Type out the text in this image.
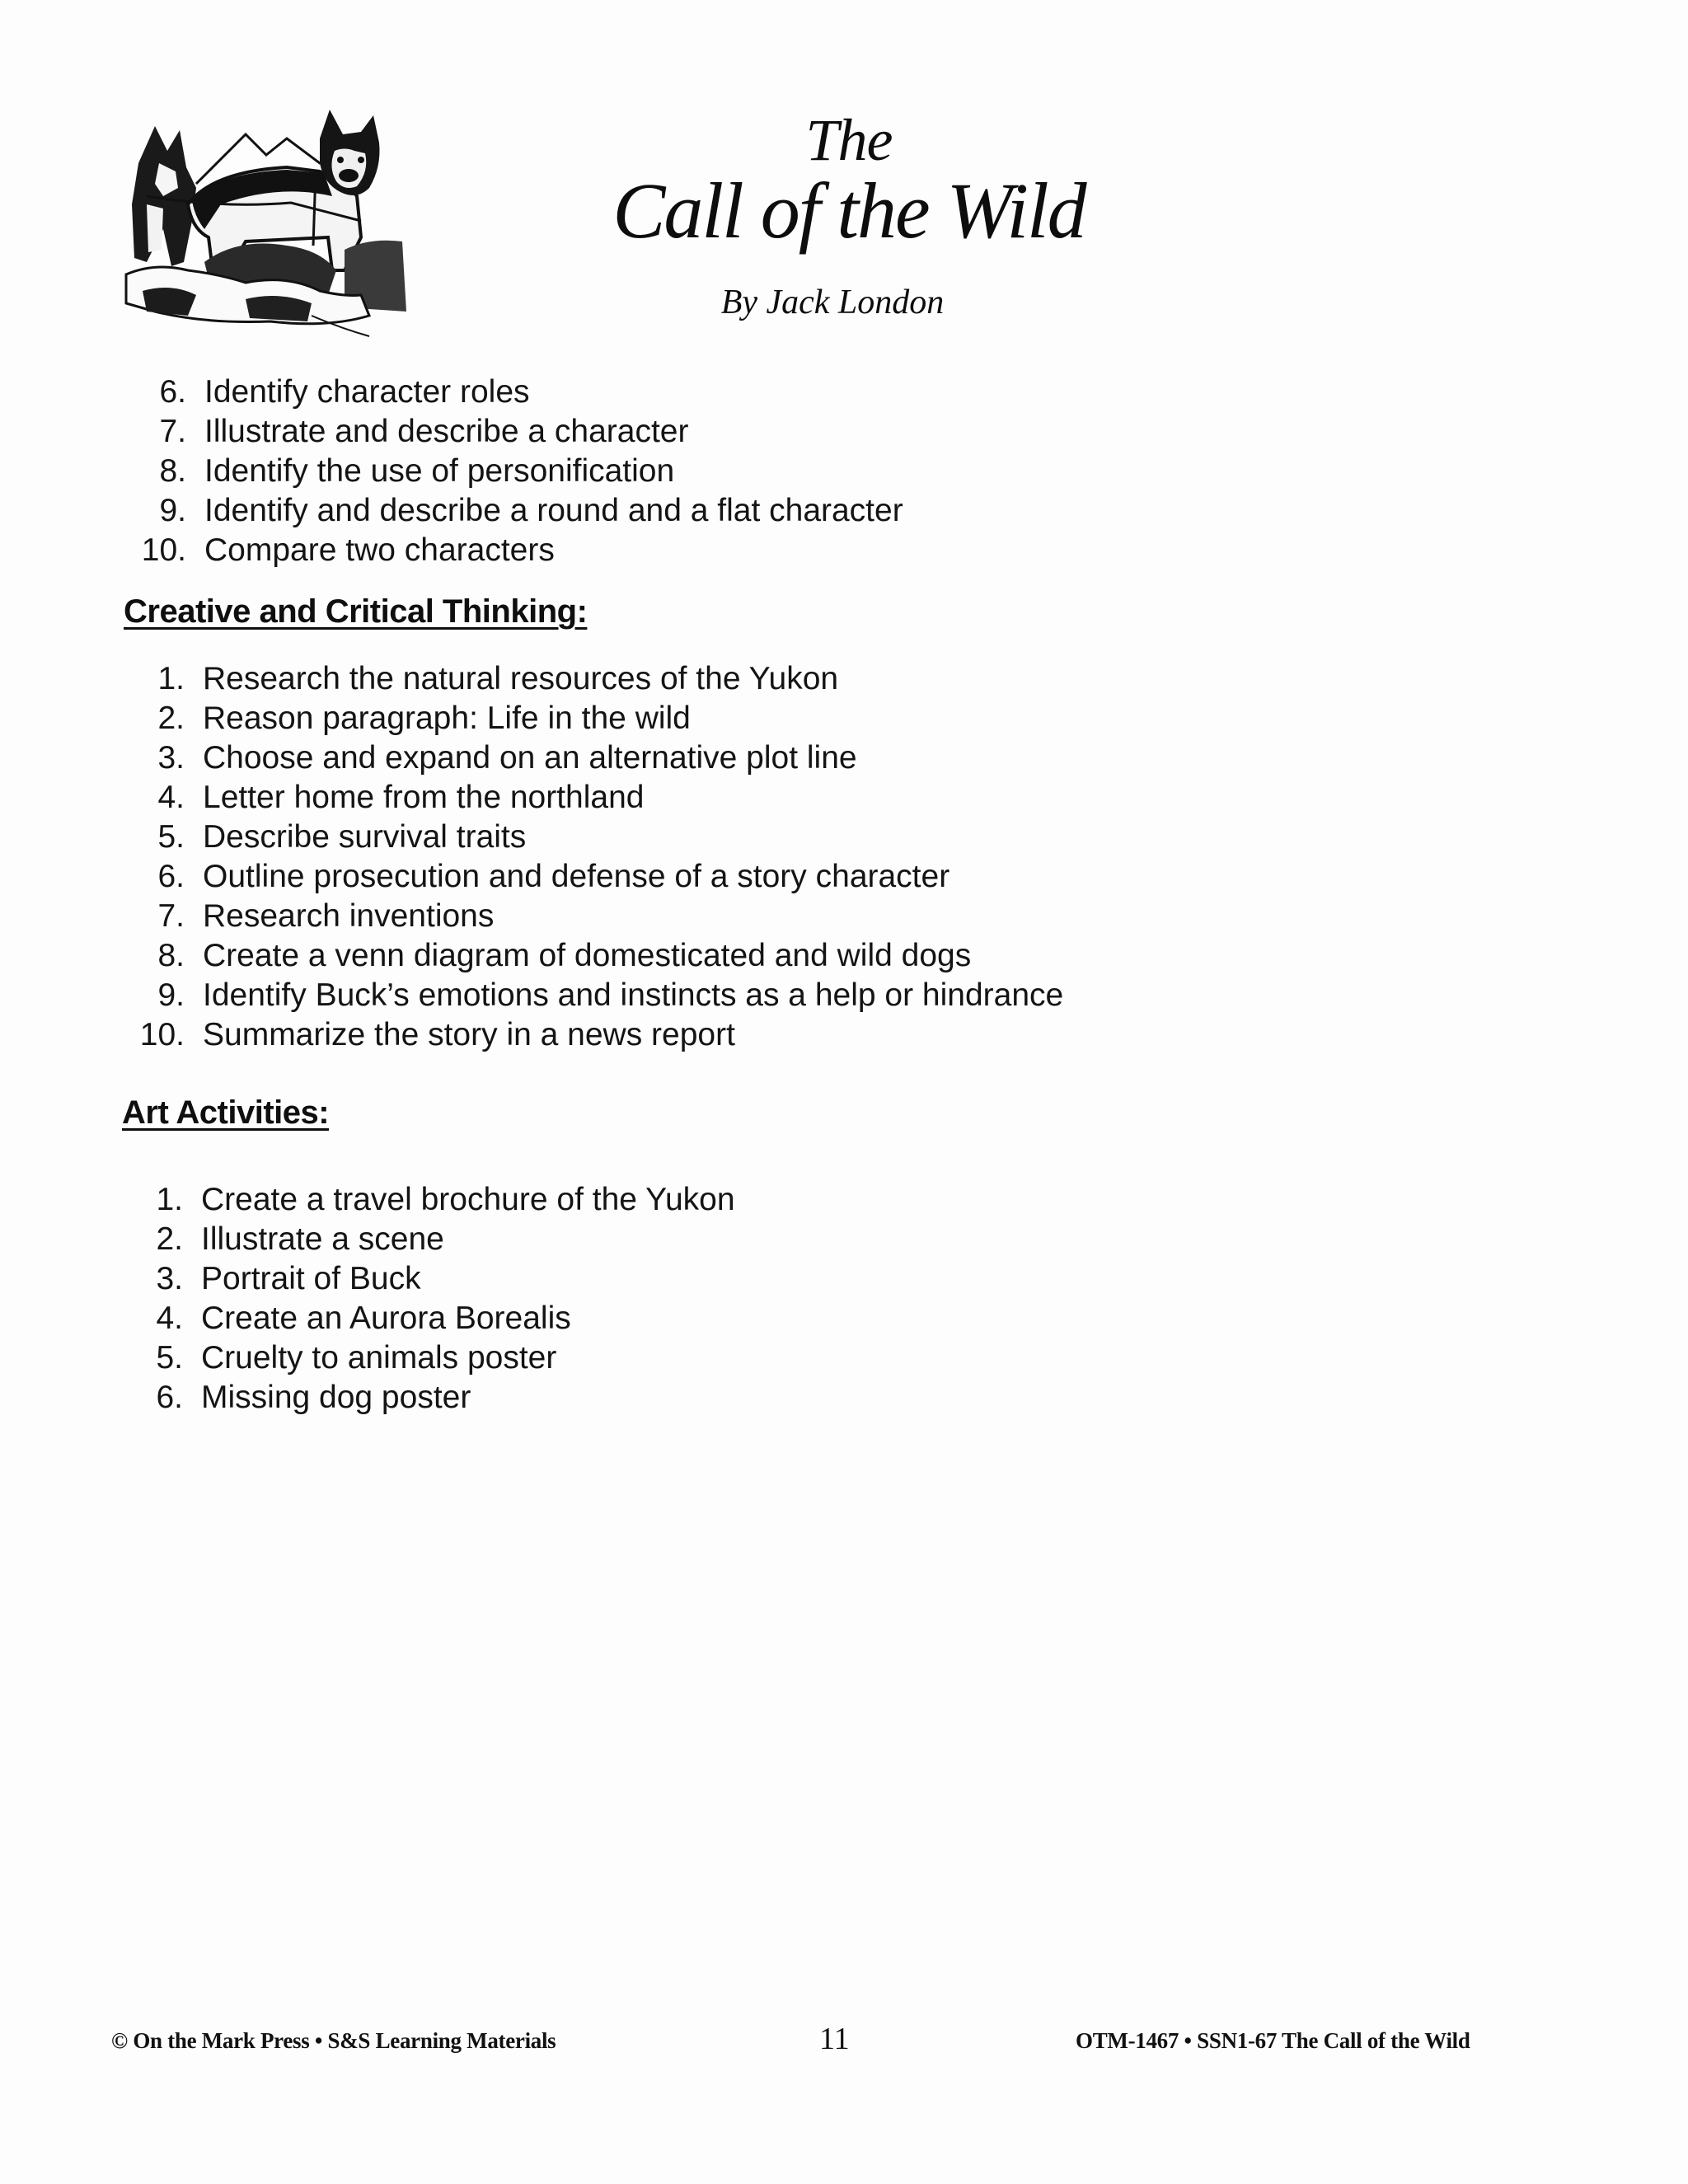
The
Call of the Wild
By Jack London
6. Identify character roles
7. Illustrate and describe a character
8. Identify the use of personification
9. Identify and describe a round and a flat character
10. Compare two characters
Creative and Critical Thinking:
1. Research the natural resources of the Yukon
2. Reason paragraph: Life in the wild
3. Choose and expand on an alternative plot line
4. Letter home from the northland
5. Describe survival traits
6. Outline prosecution and defense of a story character
7. Research inventions
8. Create a venn diagram of domesticated and wild dogs
9. Identify Buck’s emotions and instincts as a help or hindrance
10. Summarize the story in a news report
Art Activities:
1. Create a travel brochure of the Yukon
2. Illustrate a scene
3. Portrait of Buck
4. Create an Aurora Borealis
5. Cruelty to animals poster
6. Missing dog poster
© On the Mark Press • S&S Learning Materials	11	OTM-1467 • SSN1-67 The Call of the Wild
